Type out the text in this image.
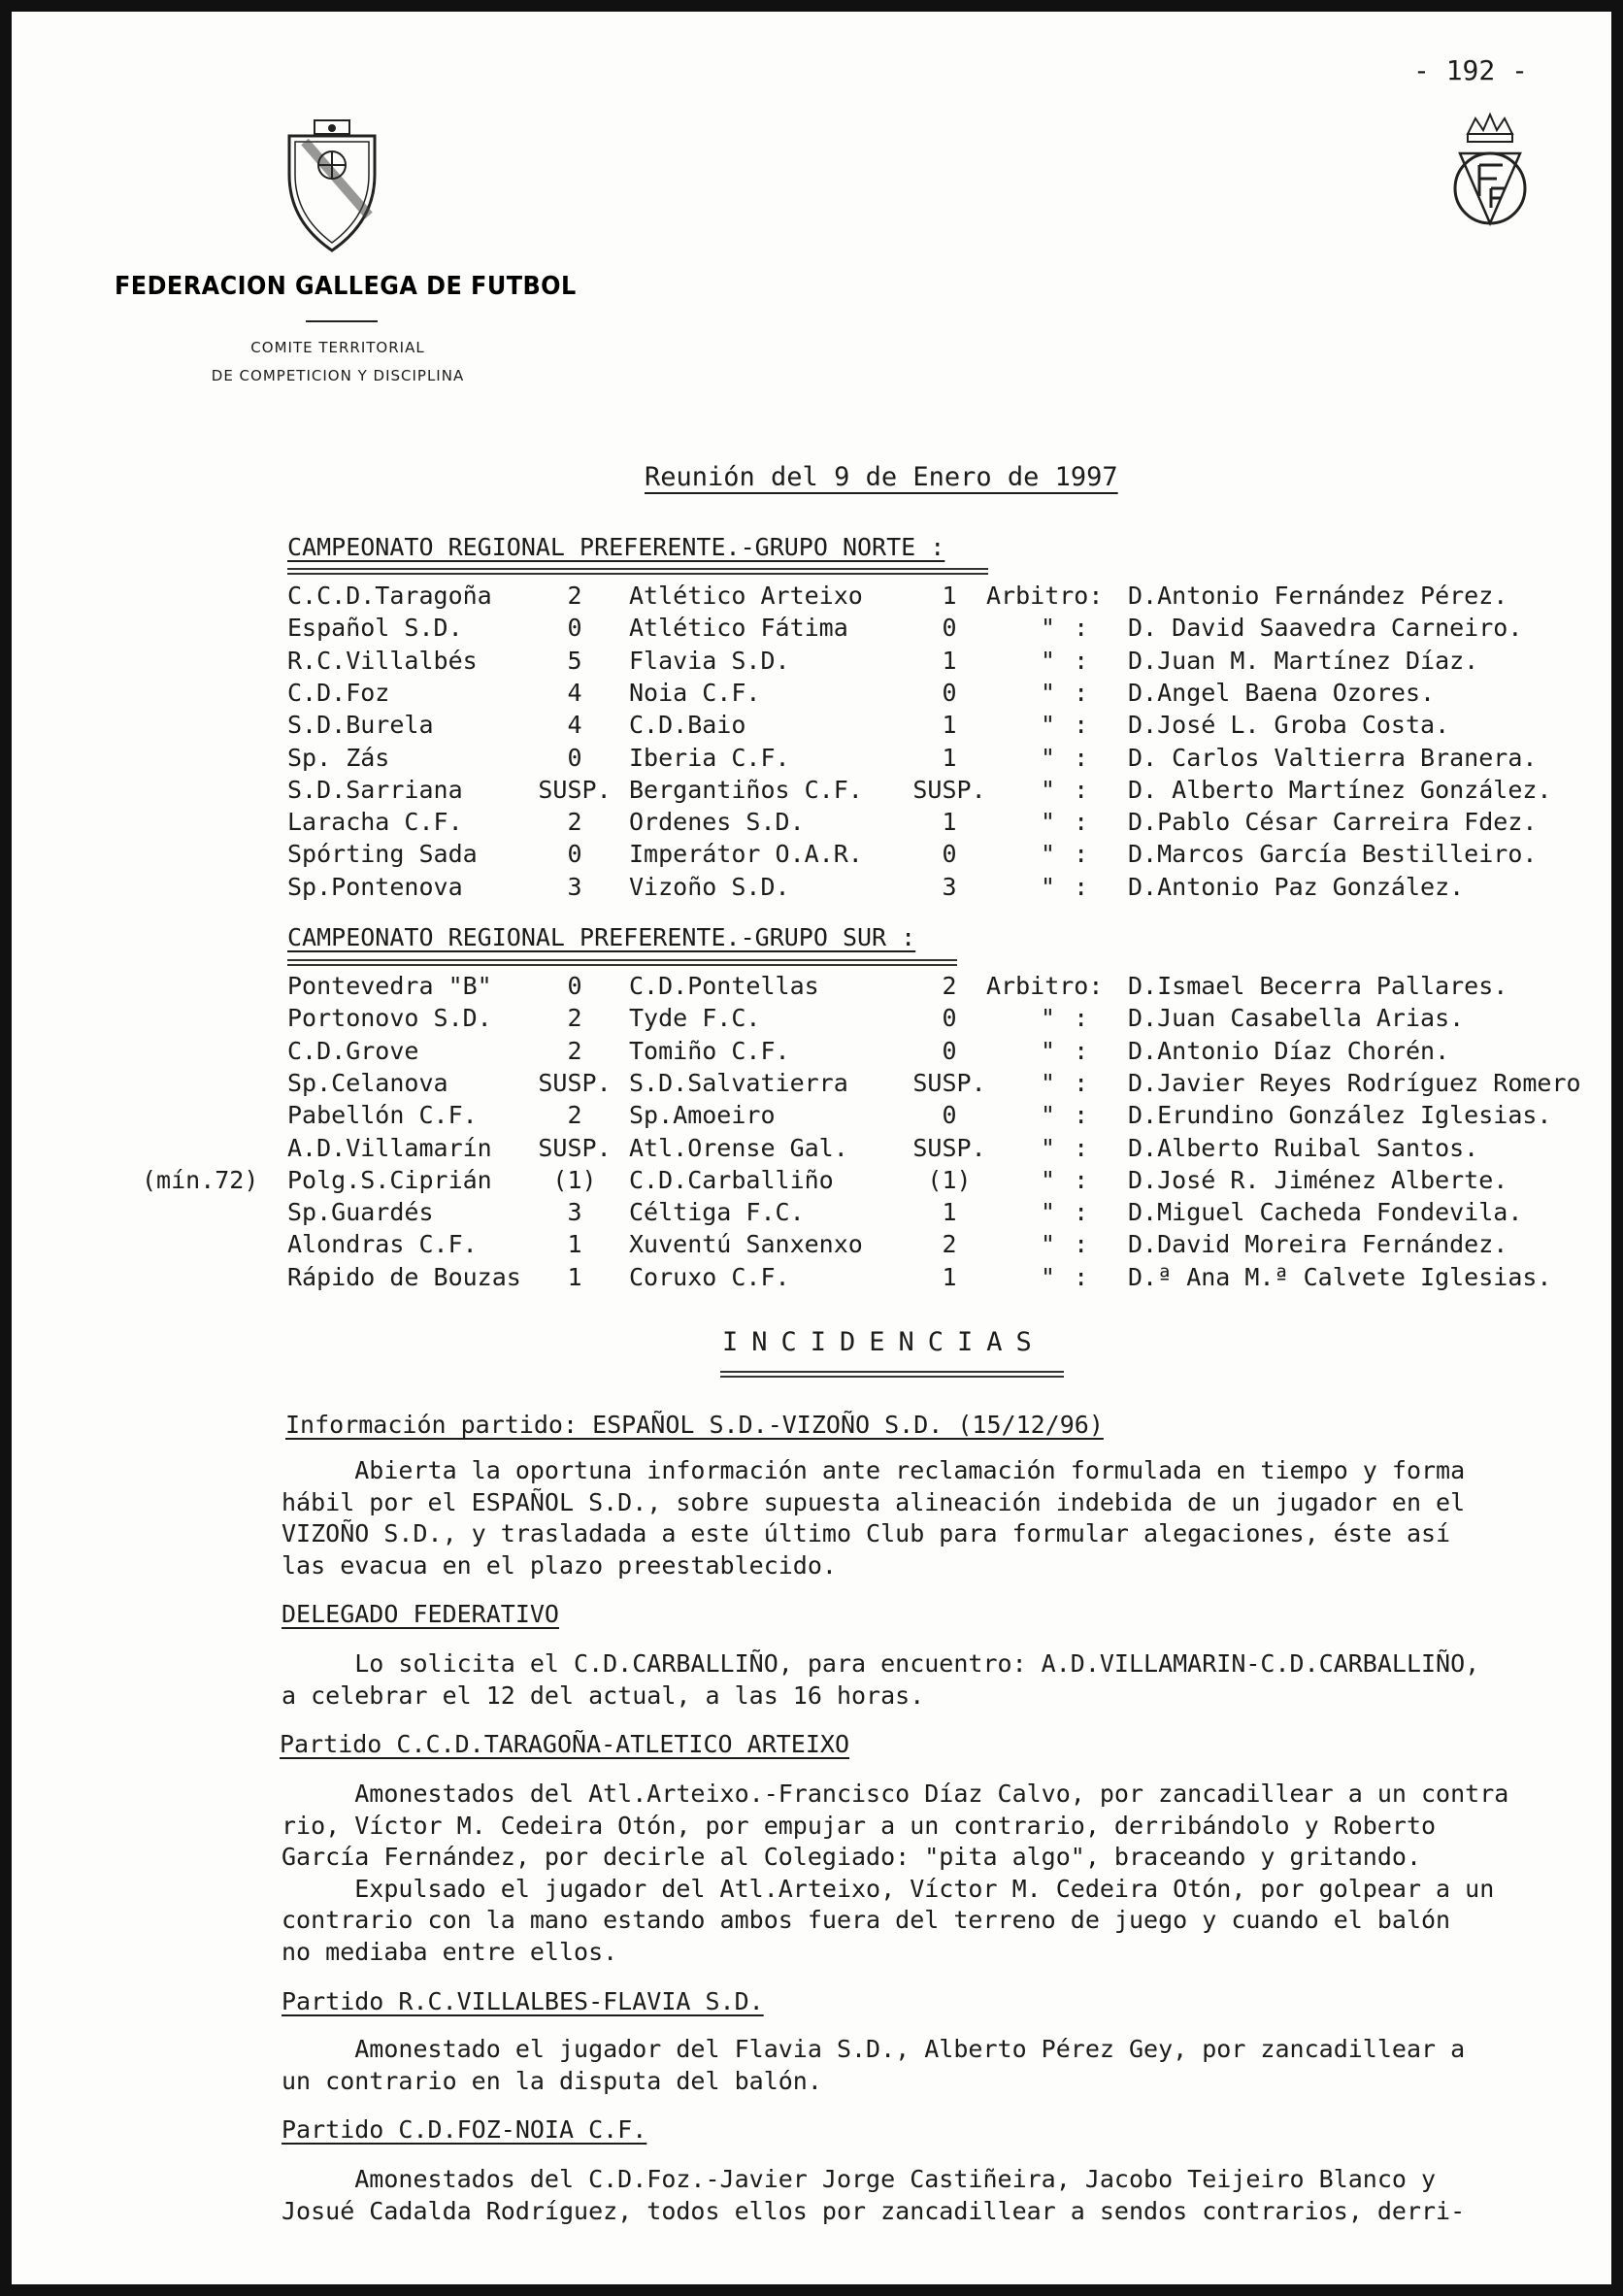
- 192 -
FEDERACION GALLEGA DE FUTBOL
COMITE TERRITORIAL
DE COMPETICION Y DISCIPLINA
Reunión del 9 de Enero de 1997
CAMPEONATO REGIONAL PREFERENTE.-GRUPO NORTE :
C.C.D.Taragoña	2	Atlético Arteixo	1	Arbitro: D.Antonio Fernández Pérez.
Español S.D.	0	Atlético Fátima	0	" : D. David Saavedra Carneiro.
R.C.Villalbés	5	Flavia S.D.	1	" : D.Juan M. Martínez Díaz.
C.D.Foz	4	Noia C.F.	0	" : D.Angel Baena Ozores.
S.D.Burela	4	C.D.Baio	1	" : D.José L. Groba Costa.
Sp. Zás	0	Iberia C.F.	1	" : D. Carlos Valtierra Branera.
S.D.Sarriana	SUSP. Bergantiños C.F. SUSP. " : D. Alberto Martínez González.
Laracha C.F.	2	Ordenes S.D.	1	" : D.Pablo César Carreira Fdez.
Spórting Sada	0	Imperátor O.A.R.	0	" : D.Marcos García Bestilleiro.
Sp.Pontenova	3	Vizoño S.D.	3	" : D.Antonio Paz González.
CAMPEONATO REGIONAL PREFERENTE.-GRUPO SUR :
Pontevedra "B"	0	C.D.Pontellas	2	Arbitro: D.Ismael Becerra Pallares.
Portonovo S.D.	2	Tyde F.C.	0	" : D.Juan Casabella Arias.
C.D.Grove	2	Tomiño C.F.	0	" : D.Antonio Díaz Chorén.
Sp.Celanova	SUSP. S.D.Salvatierra	SUSP. " : D.Javier Reyes Rodríguez Romero
Pabellón C.F.	2	Sp.Amoeiro	0	" : D.Erundino González Iglesias.
A.D.Villamarín SUSP. Atl.Orense Gal.	SUSP. " : D.Alberto Ruibal Santos.
(mín.72) Polg.S.Ciprián	(1)	C.D.Carballiño	(1)	" : D.José R. Jiménez Alberte.
Sp.Guardés	3	Céltiga F.C.	1	" : D.Miguel Cacheda Fondevila.
Alondras C.F.	1	Xuventú Sanxenxo	2	" : D.David Moreira Fernández.
Rápido de Bouzas	1	Coruxo C.F.	1	" : D.ª Ana M.ª Calvete Iglesias.
INCIDENCIAS
Información partido: ESPAÑOL S.D.-VIZOÑO S.D. (15/12/96)
Abierta la oportuna información ante reclamación formulada en tiempo y forma
hábil por el ESPAÑOL S.D., sobre supuesta alineación indebida de un jugador en el
VIZOÑO S.D., y trasladada a este último Club para formular alegaciones, éste así
las evacua en el plazo preestablecido.
DELEGADO FEDERATIVO
Lo solicita el C.D.CARBALLIÑO, para encuentro: A.D.VILLAMARIN-C.D.CARBALLIÑO,
a celebrar el 12 del actual, a las 16 horas.
Partido C.C.D.TARAGOÑA-ATLETICO ARTEIXO
Amonestados del Atl.Arteixo.-Francisco Díaz Calvo, por zancadillear a un contra
rio, Víctor M. Cedeira Otón, por empujar a un contrario, derribándolo y Roberto
García Fernández, por decirle al Colegiado: "pita algo", braceando y gritando.
Expulsado el jugador del Atl.Arteixo, Víctor M. Cedeira Otón, por golpear a un
contrario con la mano estando ambos fuera del terreno de juego y cuando el balón
no mediaba entre ellos.
Partido R.C.VILLALBES-FLAVIA S.D.
Amonestado el jugador del Flavia S.D., Alberto Pérez Gey, por zancadillear a
un contrario en la disputa del balón.
Partido C.D.FOZ-NOIA C.F.
Amonestados del C.D.Foz.-Javier Jorge Castiñeira, Jacobo Teijeiro Blanco y
Josué Cadalda Rodríguez, todos ellos por zancadillear a sendos contrarios, derri-
